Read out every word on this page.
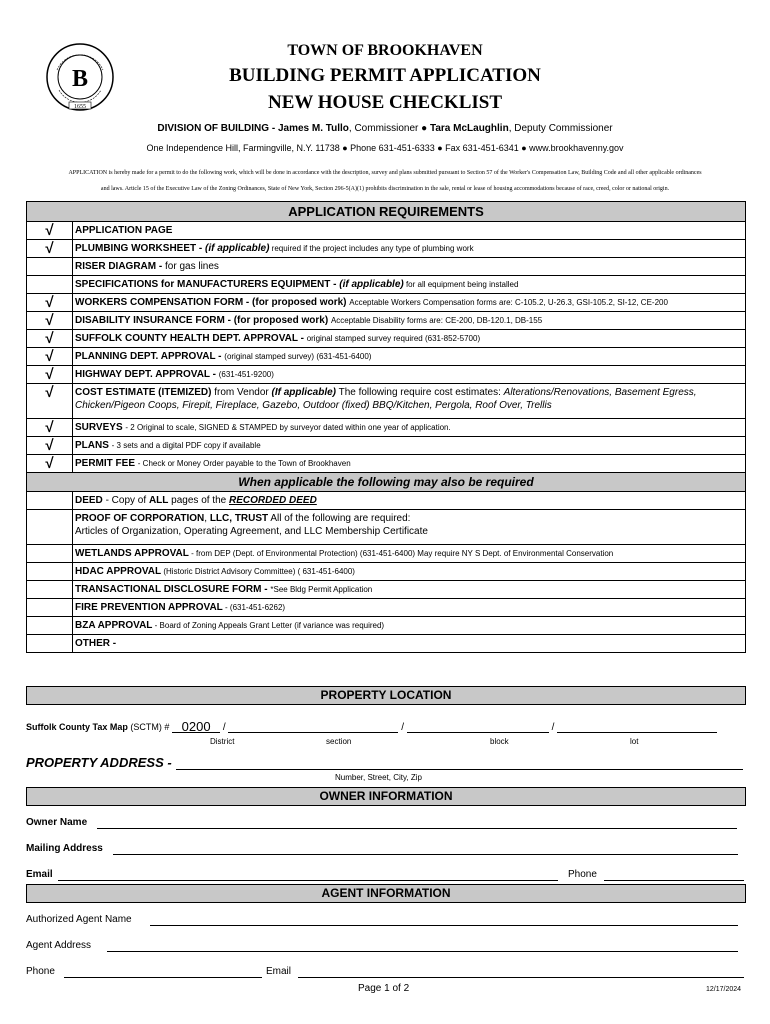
B
1655
TOWN OF BROOKHAVEN
BUILDING PERMIT APPLICATION
NEW HOUSE CHECKLIST
DIVISION OF BUILDING - James M. Tullo, Commissioner ● Tara McLaughlin, Deputy Commissioner
One Independence Hill, Farmingville, N.Y. 11738 ● Phone 631-451-6333 ● Fax 631-451-6341 ● www.brookhavenny.gov
APPLICATION is hereby made for a permit to do the following work, which will be done in accordance with the description, survey and plans submitted pursuant to Section 57 of the Worker's Compensation Law, Building Code and all other applicable ordinances
and laws. Article 15 of the Executive Law of the Zoning Ordinances, State of New York, Section 296-5(A)(1) prohibits discrimination in the sale, rental or lease of housing accommodations because of race, creed, color or national origin.
APPLICATION REQUIREMENTS
√	APPLICATION PAGE
√	PLUMBING WORKSHEET - (if applicable) required if the project includes any type of plumbing work
RISER DIAGRAM - for gas lines
SPECIFICATIONS for MANUFACTURERS EQUIPMENT - (if applicable) for all equipment being installed
√	WORKERS COMPENSATION FORM - (for proposed work) Acceptable Workers Compensation forms are: C-105.2, U-26.3, GSI-105.2, SI-12, CE-200
√	DISABILITY INSURANCE FORM - (for proposed work) Acceptable Disability forms are: CE-200, DB-120.1, DB-155
√	SUFFOLK COUNTY HEALTH DEPT. APPROVAL - original stamped survey required (631-852-5700)
√	PLANNING DEPT. APPROVAL - (original stamped survey) (631-451-6400)
√	HIGHWAY DEPT. APPROVAL - (631-451-9200)
√	COST ESTIMATE (ITEMIZED) from Vendor (If applicable) The following require cost estimates: Alterations/Renovations, Basement Egress,
Chicken/Pigeon Coops, Firepit, Fireplace, Gazebo, Outdoor (fixed) BBQ/Kitchen, Pergola, Roof Over, Trellis
√	SURVEYS - 2 Original to scale, SIGNED & STAMPED by surveyor dated within one year of application.
√	PLANS - 3 sets and a digital PDF copy if available
√	PERMIT FEE - Check or Money Order payable to the Town of Brookhaven
When applicable the following may also be required
DEED - Copy of ALL pages of the RECORDED DEED
PROOF OF CORPORATION, LLC, TRUST All of the following are required:
Articles of Organization, Operating Agreement, and LLC Membership Certificate
WETLANDS APPROVAL - from DEP (Dept. of Environmental Protection) (631-451-6400) May require NY S Dept. of Environmental Conservation
HDAC APPROVAL (Historic District Advisory Committee) ( 631-451-6400)
TRANSACTIONAL DISCLOSURE FORM - *See Bldg Permit Application
FIRE PREVENTION APPROVAL - (631-451-6262)
BZA APPROVAL - Board of Zoning Appeals Grant Letter (if variance was required)
OTHER -
PROPERTY LOCATION
Suffolk County Tax Map (SCTM) # 0200 /	/	/
District	section	block	lot
PROPERTY ADDRESS -
Number, Street, City, Zip
OWNER INFORMATION
Owner Name
Mailing Address
Email	Phone
AGENT INFORMATION
Authorized Agent Name
Agent Address
Phone	Email
Page 1 of 2	12/17/2024
